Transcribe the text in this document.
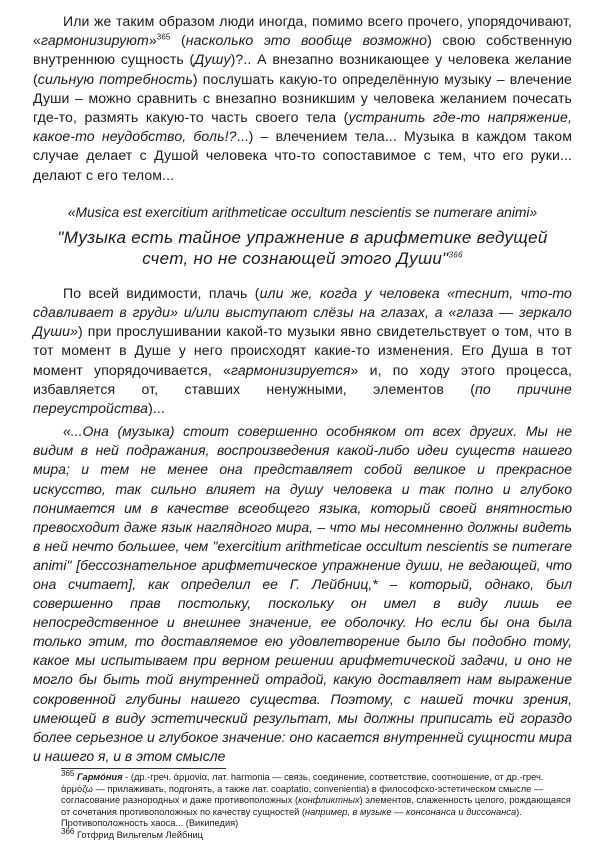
Или же таким образом люди иногда, помимо всего прочего, упорядочивают, «гармонизируют»$^{365}$ (насколько это вообще возможно) свою собственную внутреннюю сущность (Душу)?.. А внезапно возникающее у человека желание (сильную потребность) послушать какую-то определённую музыку – влечение Души – можно сравнить с внезапно возникшим у человека желанием почесать где-то, размять какую-то часть своего тела (устранить где-то напряжение, какое-то неудобство, боль!?...) – влечением тела... Музыка в каждом таком случае делает с Душой человека что-то сопоставимое с тем, что его руки... делают с его телом...

«Musica est exercitium arithmeticae occultum nescientis se numerare animi»

"Музыка есть тайное упражнение в арифметике ведущей счет, но не сознающей этого Души"$^{366}$

По всей видимости, плачь (или же, когда у человека «теснит, что-то сдавливает в груди» и/или выступают слёзы на глазах, а «глаза — зеркало Души») при прослушивании какой-то музыки явно свидетельствует о том, что в тот момент в Душе у него происходят какие-то изменения. Его Душа в тот момент упорядочивается, «гармонизируется» и, по ходу этого процесса, избавляется от, ставших ненужными, элементов (по причине переустройства)...

«...Она (музыка) стоит совершенно особняком от всех других. Мы не видим в ней подражания, воспроизведения какой-либо идеи существ нашего мира; и тем не менее она представляет собой великое и прекрасное искусство, так сильно влияет на душу человека и так полно и глубоко понимается им в качестве всеобщего языка, который своей внятностью превосходит даже язык наглядного мира, – что мы несомненно должны видеть в ней нечто большее, чем "exercitium arithmeticae occultum nescientis se numerare animi" [бессознательное арифметическое упражнение души, не ведающей, что она считает], как определил ее Г. Лейбниц,* – который, однако, был совершенно прав постольку, поскольку он имел в виду лишь ее непосредственное и внешнее значение, ее оболочку. Но если бы она была только этим, то доставляемое ею удовлетворение было бы подобно тому, какое мы испытываем при верном решении арифметической задачи, и оно не могло бы быть той внутренней отрадой, какую доставляет нам выражение сокровенной глубины нашего существа. Поэтому, с нашей точки зрения, имеющей в виду эстетический результат, мы должны приписать ей гораздо более серьезное и глубокое значение: оно касается внутренней сущности мира и нашего я, и в этом смысле

$^{365}$ Гармо́ния - (др.-греч. ἁρμονία, лат. harmonia — связь, соединение, соответствие, соотношение, от др.-греч. ἁρμόζω — прилаживать, подгонять, а также лат. coaptatio, convenientia) в философско-эстетическом смысле — согласование разнородных и даже противоположных (конфликтных) элементов, слаженность целого, рождающаяся от сочетания противоположных по качеству сущностей (например, в музыке — консонанса и диссонанса). Противоположность хаоса... (Википедия)

$^{366}$ Готфрид Вильгельм Лейбниц
